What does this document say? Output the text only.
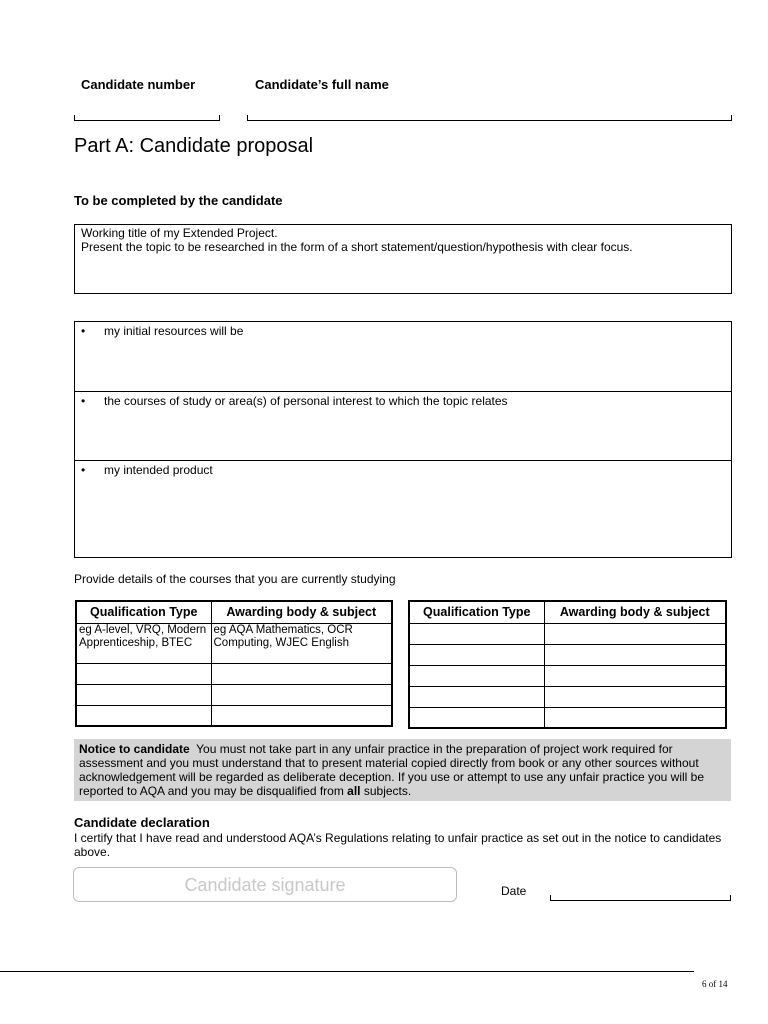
Candidate number	Candidate’s full name
Part A: Candidate proposal
To be completed by the candidate
Working title of my Extended Project.
Present the topic to be researched in the form of a short statement/question/hypothesis with clear focus.
• my initial resources will be
• the courses of study or area(s) of personal interest to which the topic relates
• my intended product
Provide details of the courses that you are currently studying
Qualification Type	Awarding body & subject
eg A-level, VRQ, Modern Apprenticeship, BTEC	eg AQA Mathematics, OCR Computing, WJEC English

Qualification Type	Awarding body & subject

Notice to candidate You must not take part in any unfair practice in the preparation of project work required for assessment and you must understand that to present material copied directly from book or any other sources without acknowledgement will be regarded as deliberate deception. If you use or attempt to use any unfair practice you will be reported to AQA and you may be disqualified from all subjects.
Candidate declaration
I certify that I have read and understood AQA’s Regulations relating to unfair practice as set out in the notice to candidates above.
Candidate signature	Date
6 of 14
